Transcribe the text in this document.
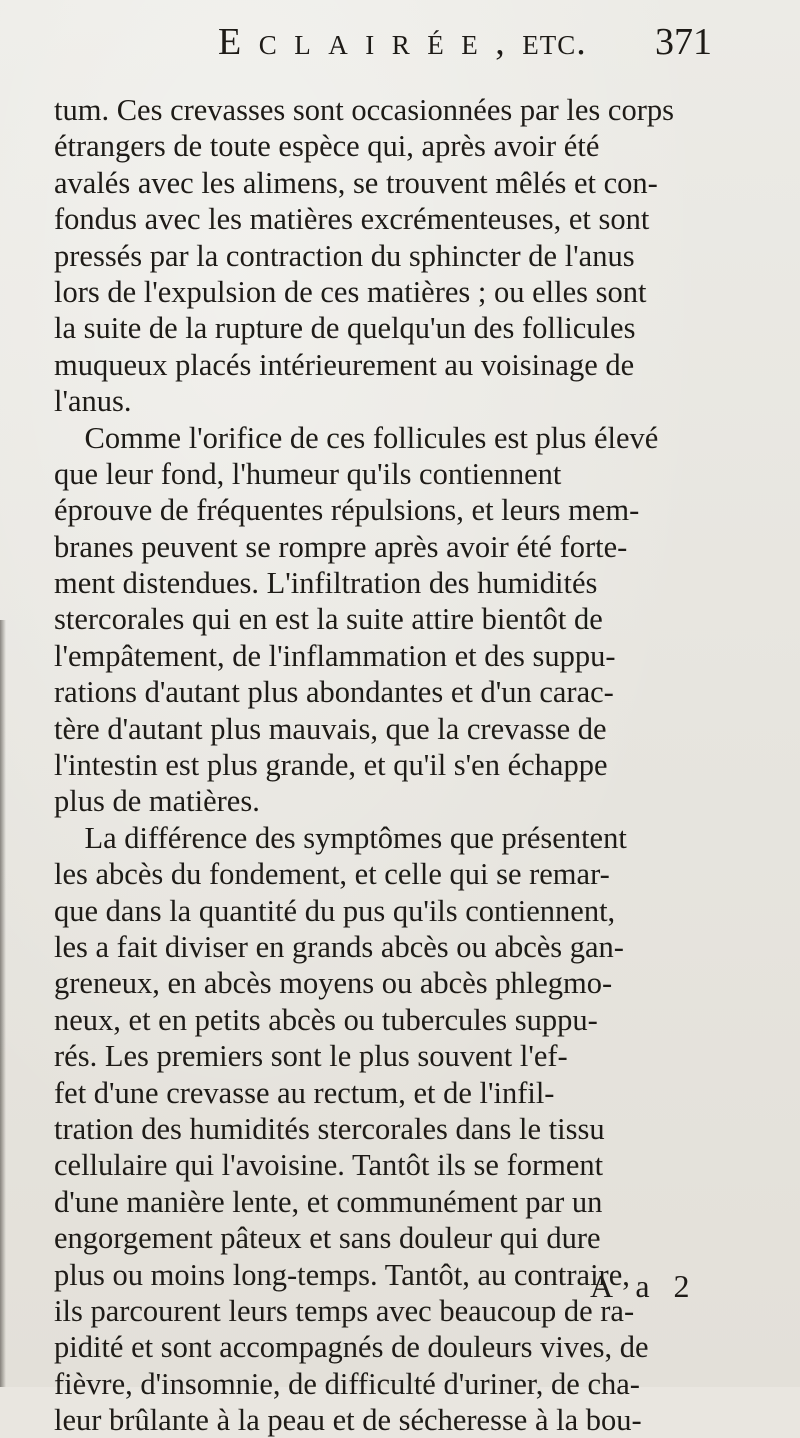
E c l a i r é e , etc. 371
tum. Ces crevasses sont occasionnées par les corps
étrangers de toute espèce qui, après avoir été
avalés avec les alimens, se trouvent mêlés et con-
fondus avec les matières excrémenteuses, et sont
pressés par la contraction du sphincter de l'anus
lors de l'expulsion de ces matières ; ou elles sont
la suite de la rupture de quelqu'un des follicules
muqueux placés intérieurement au voisinage de
l'anus.
Comme l'orifice de ces follicules est plus élevé
que leur fond, l'humeur qu'ils contiennent
éprouve de fréquentes répulsions, et leurs mem-
branes peuvent se rompre après avoir été forte-
ment distendues. L'infiltration des humidités
stercorales qui en est la suite attire bientôt de
l'empâtement, de l'inflammation et des suppu-
rations d'autant plus abondantes et d'un carac-
tère d'autant plus mauvais, que la crevasse de
l'intestin est plus grande, et qu'il s'en échappe
plus de matières.
La différence des symptômes que présentent
les abcès du fondement, et celle qui se remar-
que dans la quantité du pus qu'ils contiennent,
les a fait diviser en grands abcès ou abcès gan-
greneux, en abcès moyens ou abcès phlegmo-
neux, et en petits abcès ou tubercules suppu-
rés. Les premiers sont le plus souvent l'ef-
fet d'une crevasse au rectum, et de l'infil-
tration des humidités stercorales dans le tissu
cellulaire qui l'avoisine. Tantôt ils se forment
d'une manière lente, et communément par un
engorgement pâteux et sans douleur qui dure
plus ou moins long-temps. Tantôt, au contraire,
ils parcourent leurs temps avec beaucoup de ra-
pidité et sont accompagnés de douleurs vives, de
fièvre, d'insomnie, de difficulté d'uriner, de cha-
leur brûlante à la peau et de sécheresse à la bou-
A a 2
